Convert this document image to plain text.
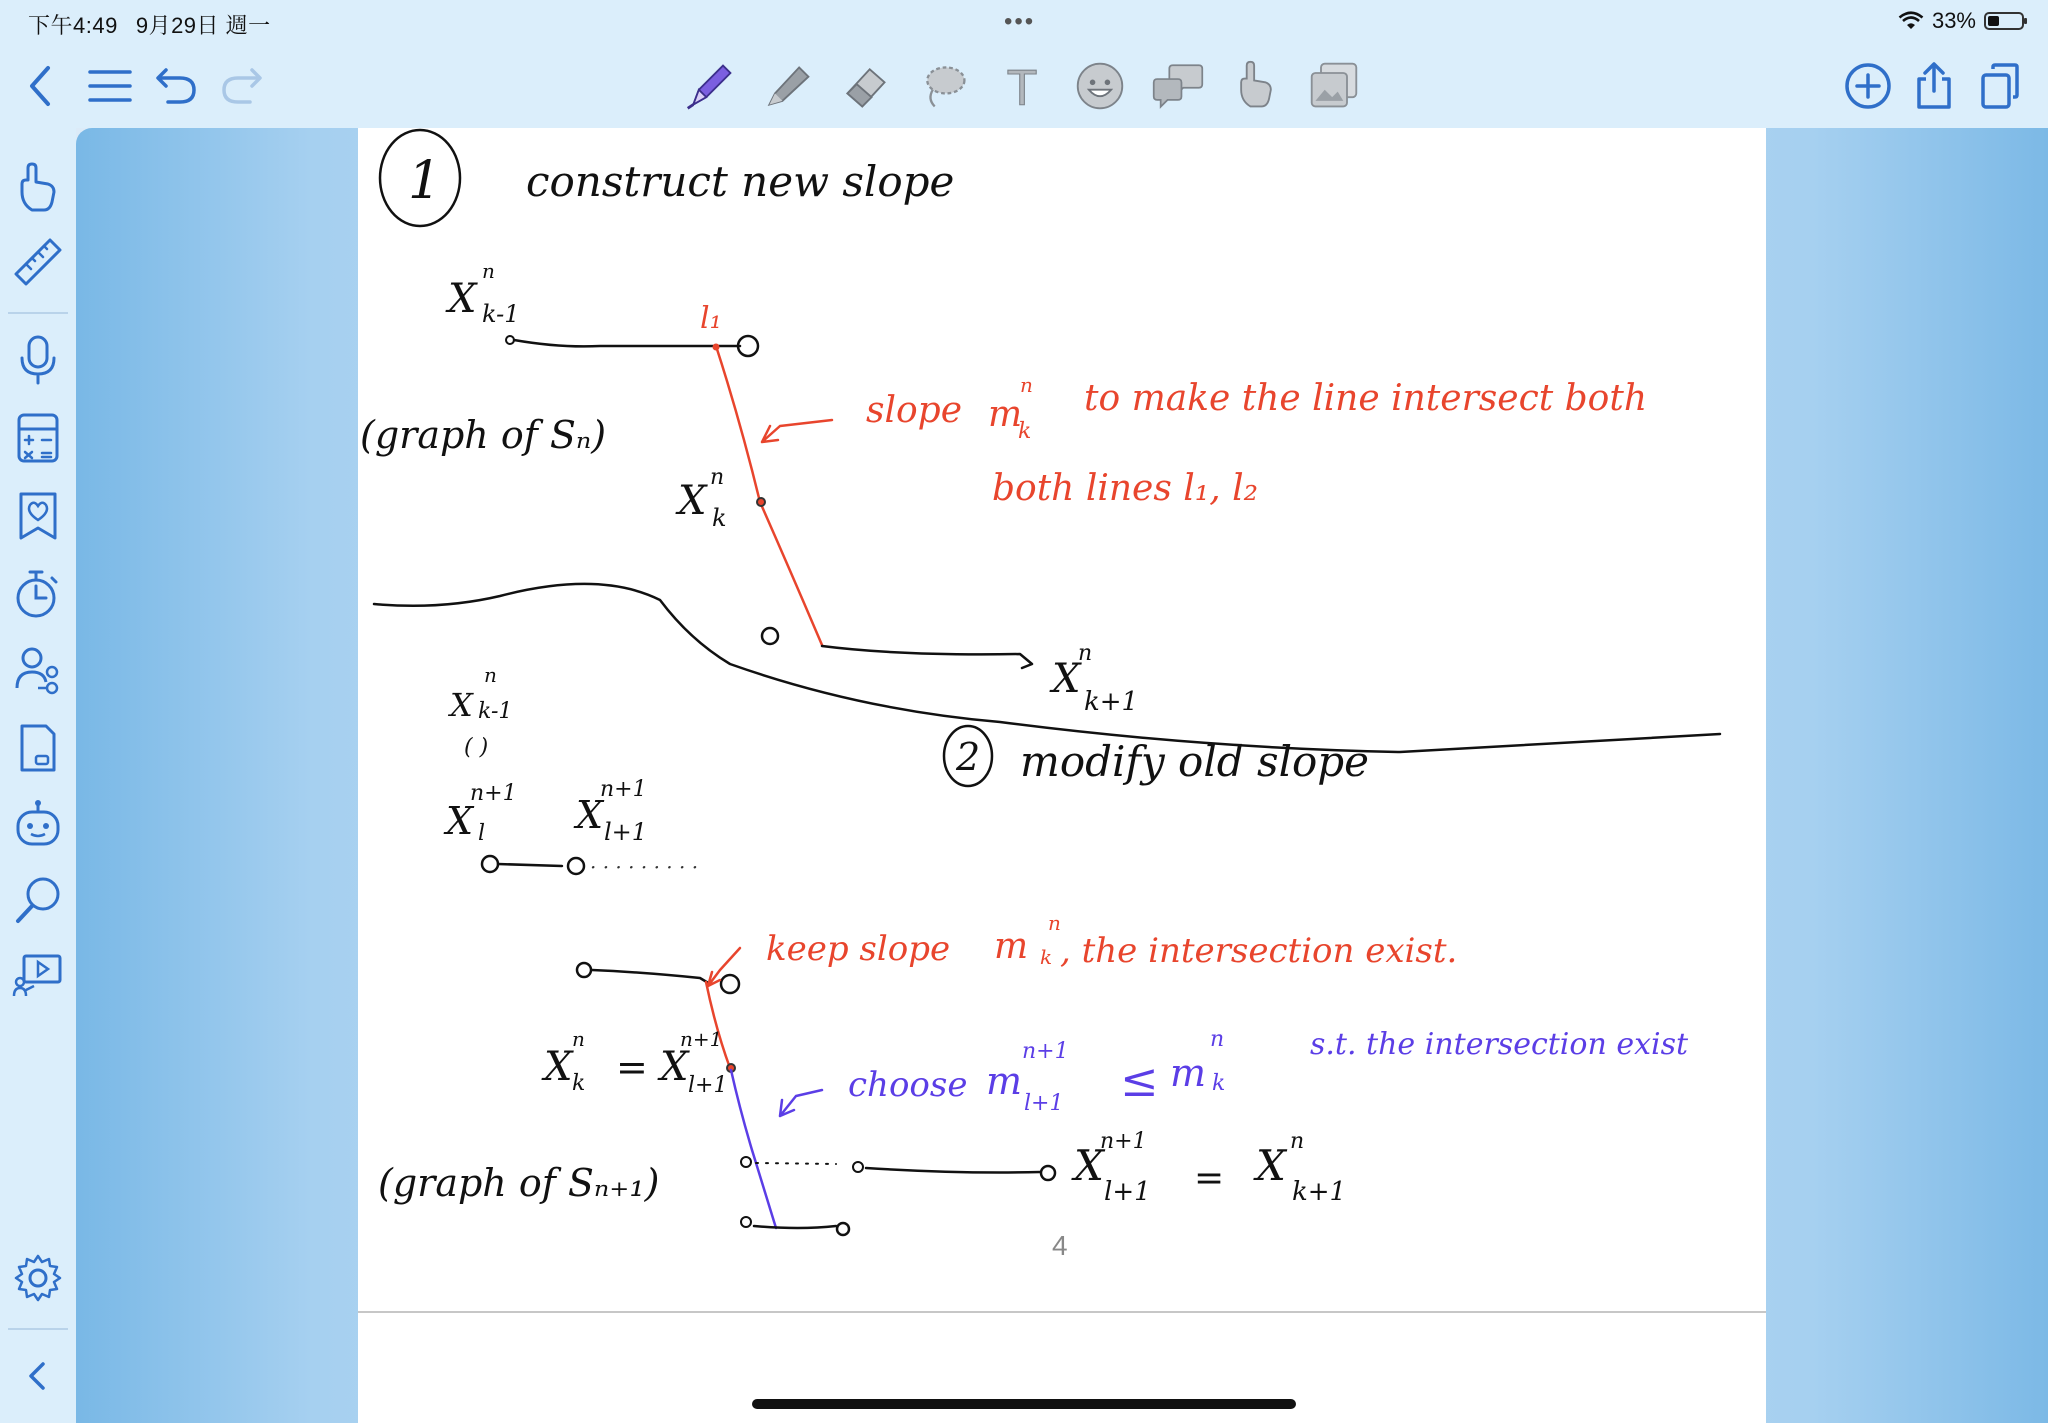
下午4:49 9月29日 週一	•••	33%
T
4
1 construct new slope
n
X k-1	l₁
(graph of Sₙ)
slope m
n
k
to make the line intersect both
both lines l₁, l₂
n
X k
n
X k+1
2 modify old slope
n
X k-1
( )
n+1
X l
n+1
X l+1
· · · · · · · · ·
keep slope m
n
k , the intersection exist.
n
X k =
n+1
X l+1	choose m
n+1
l+1 ≤ m
n
k
s.t. the intersection exist
(graph of Sₙ₊₁)
n+1
X
l+1 =
n
X
k+1
